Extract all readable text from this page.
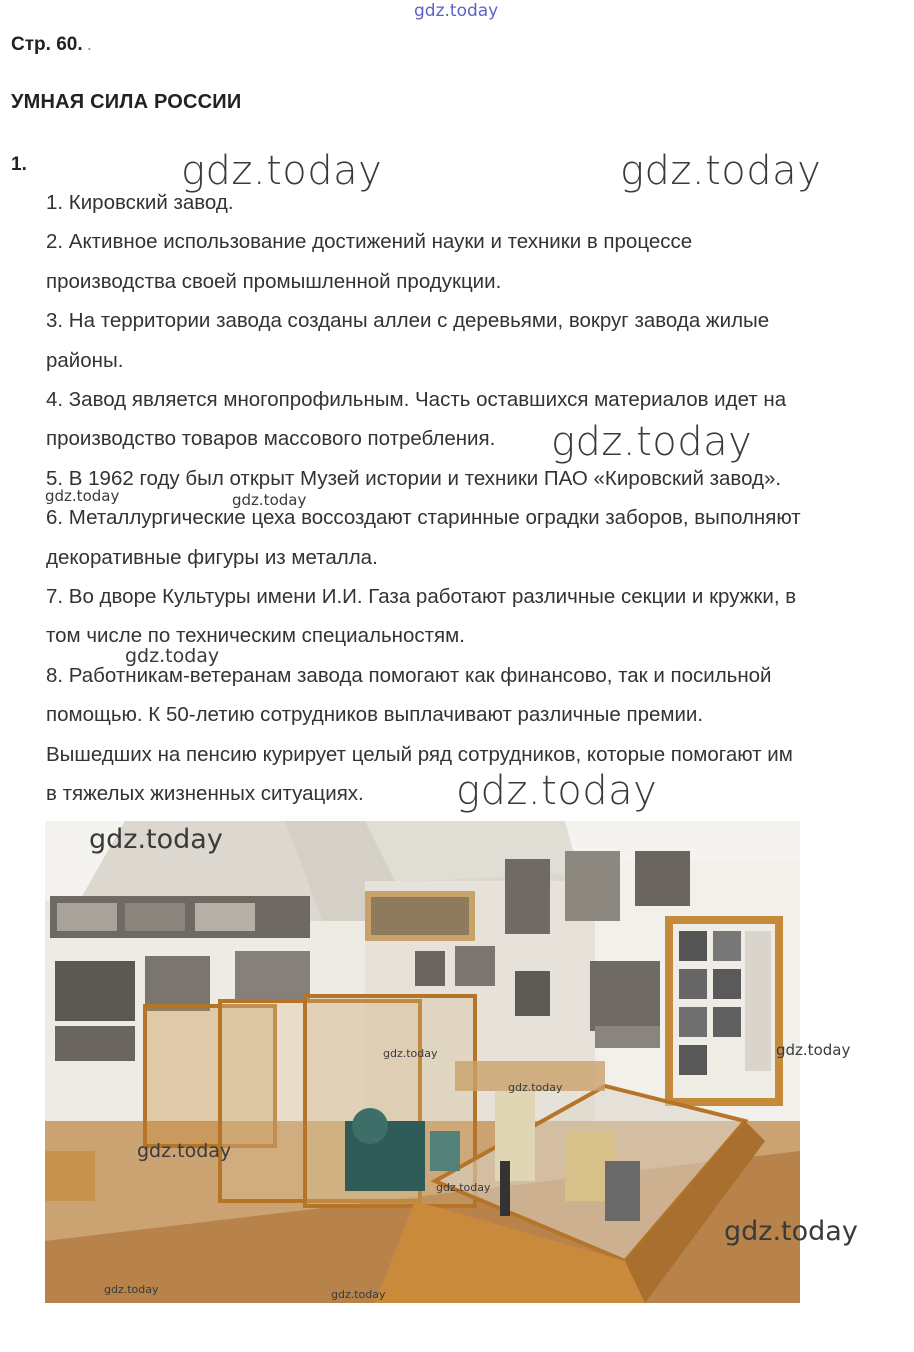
gdz.today
Стр. 60. .
УМНАЯ СИЛА РОССИИ
1.

1. Кировский завод.

2. Активное использование достижений науки и техники в процессе

производства своей промышленной продукции.

3. На территории завода созданы аллеи с деревьями, вокруг завода жилые

районы.

4. Завод является многопрофильным. Часть оставшихся материалов идет на

производство товаров массового потребления.

5. В 1962 году был открыт Музей истории и техники ПАО «Кировский завод».

6. Металлургические цеха воссоздают старинные оградки заборов, выполняют

декоративные фигуры из металла.

7. Во дворе Культуры имени И.И. Газа работают различные секции и кружки, в

том числе по техническим специальностям.

8. Работникам-ветеранам завода помогают как финансово, так и посильной

помощью. К 50-летию сотрудников выплачивают различные премии.

Вышедших на пенсию курирует целый ряд сотрудников, которые помогают им

в тяжелых жизненных ситуациях.

gdz.today	gdz.today
gdz.today
gdz.today	gdz.today
gdz.today
gdz.today
gdz.today
gdz.today	gdz.today
gdz.today
gdz.today
gdz.today
gdz.today
gdz.today	gdz.today
